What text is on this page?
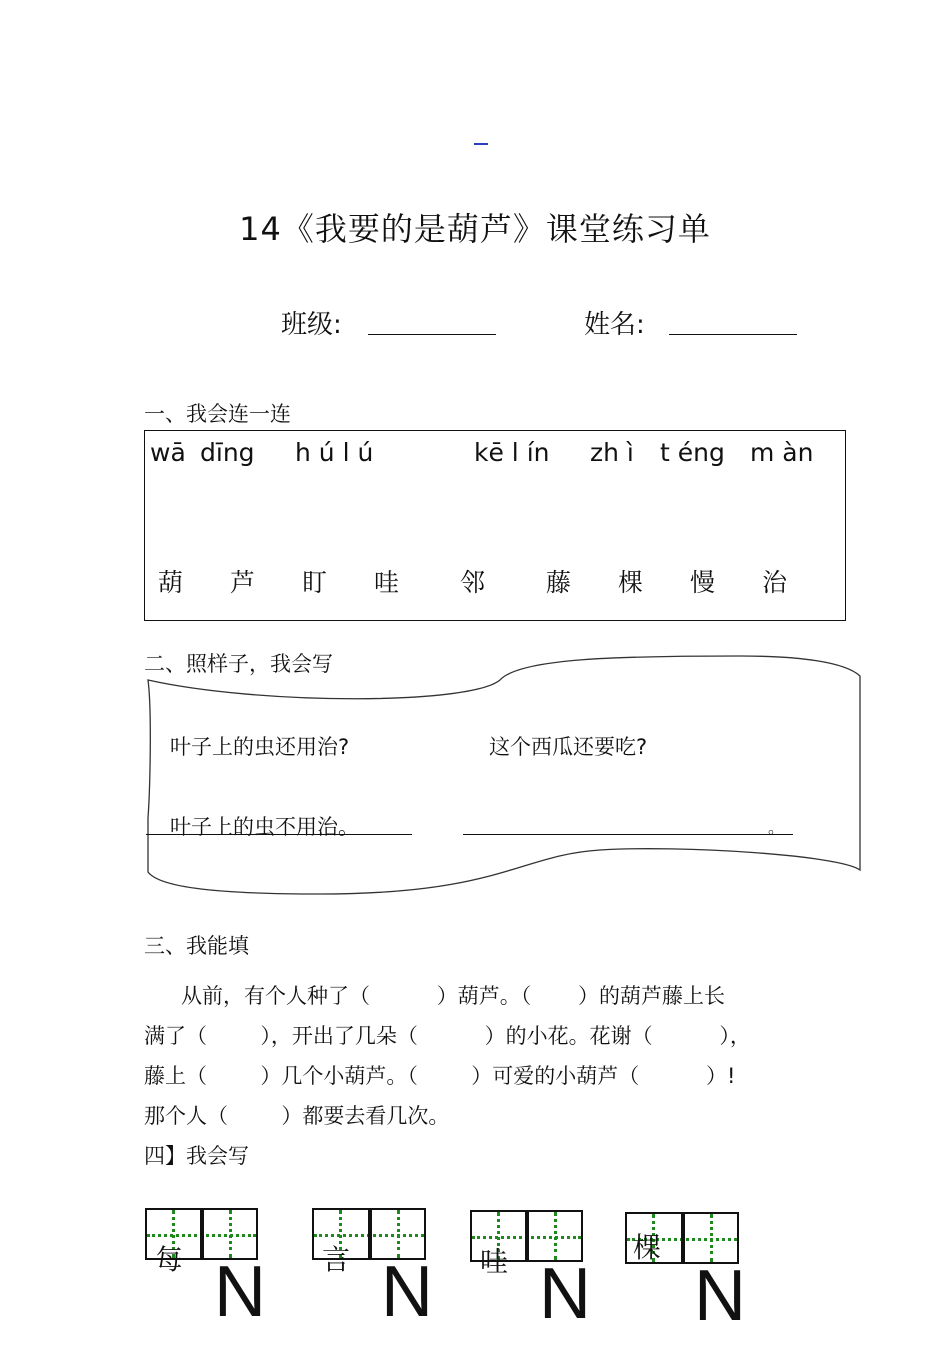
14《我要的是葫芦》课堂练习单
班级:	姓名:
一、我会连一连
wā dīng h ú l ú	kē l ín zh ì t éng m àn
葫 芦 盯 哇 邻 藤 棵 慢 治
二、照样子，我会写
叶子上的虫还用治?	这个西瓜还要吃?
叶子上的虫不用治。	。
三、我能填
从前，有个人种了（          ）葫芦。（       ）的葫芦藤上长
满了（        ），开出了几朵（          ）的小花。花谢（          ），
藤上（        ）几个小葫芦。（        ）可爱的小葫芦（          ）!
那个人（        ）都要去看几次。
四】我会写
每	言	哇	棵
N N N N
